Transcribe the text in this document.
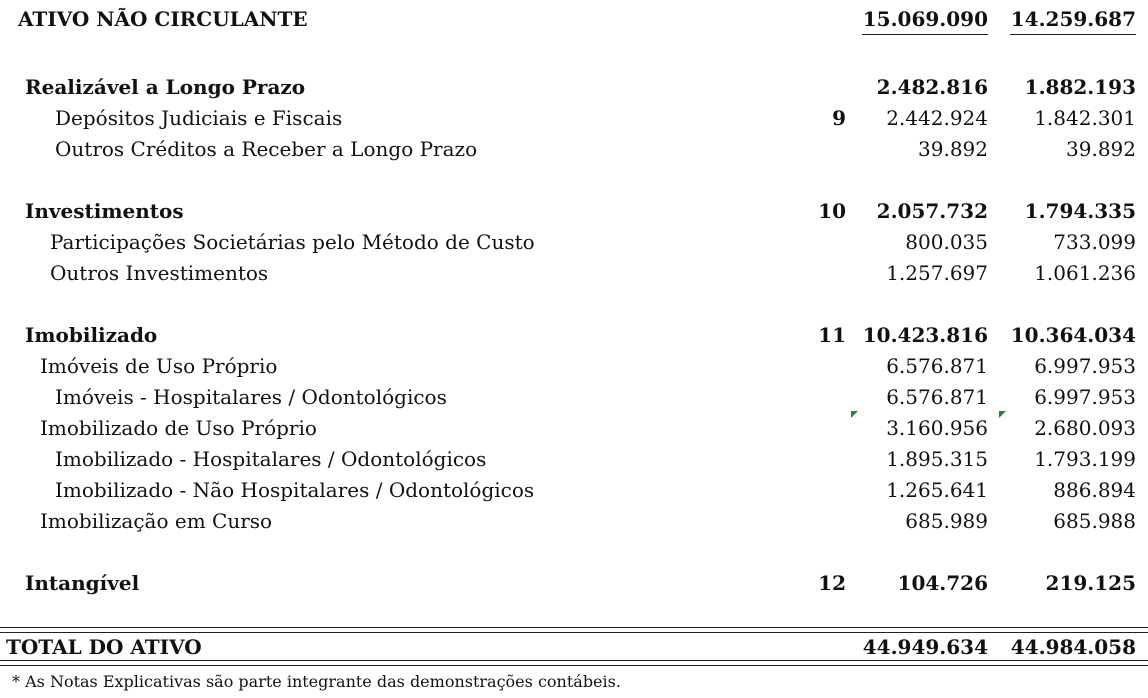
ATIVO NÃO CIRCULANTE	15.069.090 14.259.687
Realizável a Longo Prazo	2.482.816 1.882.193
Depósitos Judiciais e Fiscais	9 2.442.924 1.842.301
Outros Créditos a Receber a Longo Prazo	39.892	39.892
Investimentos	10 2.057.732 1.794.335
Participações Societárias pelo Método de Custo	800.035	733.099
Outros Investimentos	1.257.697 1.061.236
Imobilizado	11 10.423.816 10.364.034
Imóveis de Uso Próprio	6.576.871 6.997.953
Imóveis - Hospitalares / Odontológicos	6.576.871 6.997.953
Imobilizado de Uso Próprio	3.160.956 2.680.093
Imobilizado - Hospitalares / Odontológicos	1.895.315 1.793.199
Imobilizado - Não Hospitalares / Odontológicos	1.265.641	886.894
Imobilização em Curso	685.989	685.988
Intangível	12	104.726	219.125
TOTAL DO ATIVO	44.949.634 44.984.058
* As Notas Explicativas são parte integrante das demonstrações contábeis.
